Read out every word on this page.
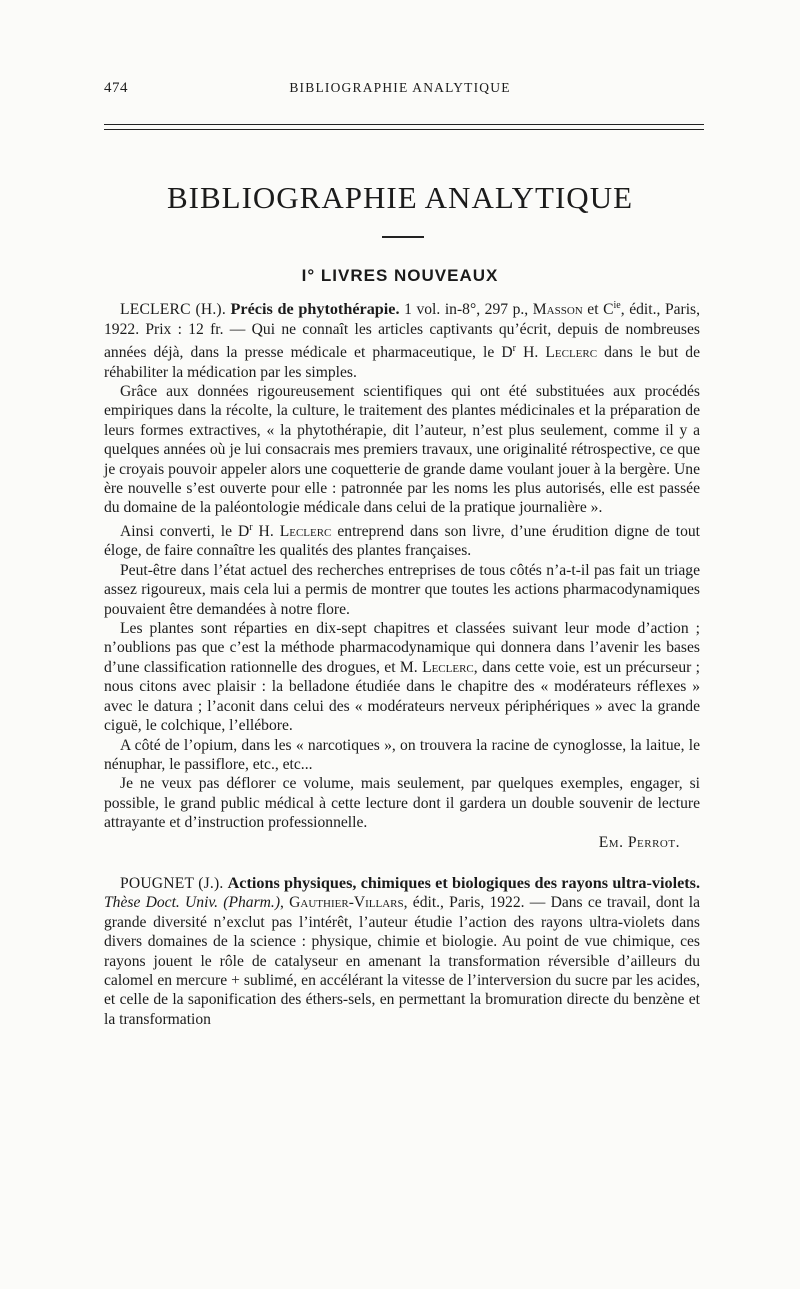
474	BIBLIOGRAPHIE ANALYTIQUE
BIBLIOGRAPHIE ANALYTIQUE
I° LIVRES NOUVEAUX

LECLERC (H.). Précis de phytothérapie. 1 vol. in-8°, 297 p., Masson et $C^{ie}$, édit., Paris, 1922. Prix : 12 fr. — Qui ne connaît les articles captivants qu’écrit, depuis de nombreuses années déjà, dans la presse médicale et pharmaceutique, le $D^r$ H. Leclerc dans le but de réhabiliter la médication par les simples.

Grâce aux données rigoureusement scientifiques qui ont été substituées aux procédés empiriques dans la récolte, la culture, le traitement des plantes médicinales et la préparation de leurs formes extractives, « la phytothérapie, dit l’auteur, n’est plus seulement, comme il y a quelques années où je lui consacrais mes premiers travaux, une originalité rétrospective, ce que je croyais pouvoir appeler alors une coquetterie de grande dame voulant jouer à la bergère. Une ère nouvelle s’est ouverte pour elle : patronnée par les noms les plus autorisés, elle est passée du domaine de la paléontologie médicale dans celui de la pratique journalière ».

Ainsi converti, le $D^r$ H. Leclerc entreprend dans son livre, d’une érudition digne de tout éloge, de faire connaître les qualités des plantes françaises.

Peut-être dans l’état actuel des recherches entreprises de tous côtés n’a-t-il pas fait un triage assez rigoureux, mais cela lui a permis de montrer que toutes les actions pharmacodynamiques pouvaient être demandées à notre flore.

Les plantes sont réparties en dix-sept chapitres et classées suivant leur mode d’action ; n’oublions pas que c’est la méthode pharmacodynamique qui donnera dans l’avenir les bases d’une classification rationnelle des drogues, et M. Leclerc, dans cette voie, est un précurseur ; nous citons avec plaisir : la belladone étudiée dans le chapitre des « modérateurs réflexes » avec le datura ; l’aconit dans celui des « modérateurs nerveux périphériques » avec la grande ciguë, le colchique, l’ellébore.

A côté de l’opium, dans les « narcotiques », on trouvera la racine de cynoglosse, la laitue, le nénuphar, le passiflore, etc., etc...

Je ne veux pas déflorer ce volume, mais seulement, par quelques exemples, engager, si possible, le grand public médical à cette lecture dont il gardera un double souvenir de lecture attrayante et d’instruction professionnelle.

Em. Perrot.

POUGNET (J.). Actions physiques, chimiques et biologiques des rayons ultra-violets. Thèse Doct. Univ. (Pharm.), Gauthier-Villars, édit., Paris, 1922. — Dans ce travail, dont la grande diversité n’exclut pas l’intérêt, l’auteur étudie l’action des rayons ultra-violets dans divers domaines de la science : physique, chimie et biologie. Au point de vue chimique, ces rayons jouent le rôle de catalyseur en amenant la transformation réversible d’ailleurs du calomel en mercure + sublimé, en accélérant la vitesse de l’interversion du sucre par les acides, et celle de la saponification des éthers-sels, en permettant la bromuration directe du benzène et la transformation
